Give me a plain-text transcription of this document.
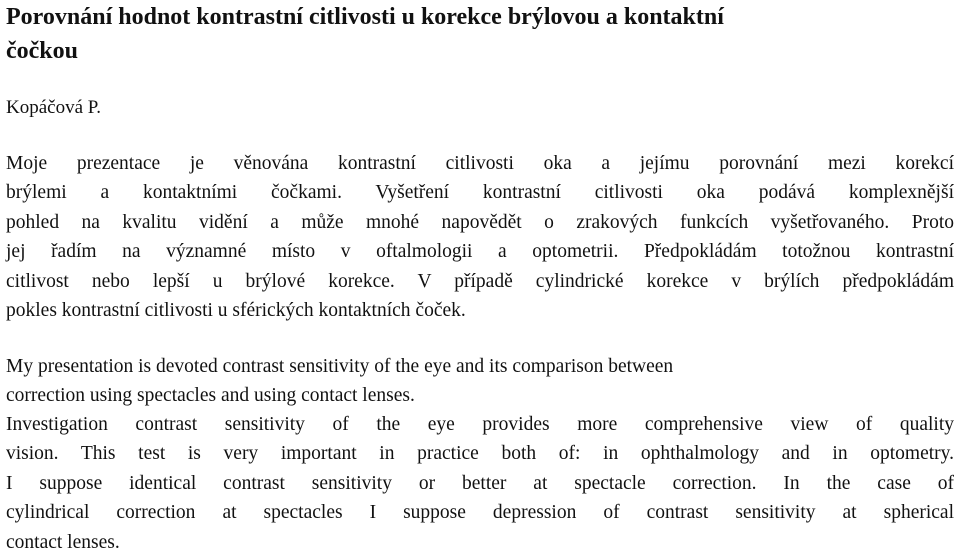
Porovnání hodnot kontrastní citlivosti u korekce brýlovou a kontaktní
čočkou

Kopáčová P.

Moje prezentace je věnována kontrastní citlivosti oka a jejímu porovnání mezi korekcí
brýlemi a kontaktními čočkami. Vyšetření kontrastní citlivosti oka podává komplexnější
pohled na kvalitu vidění a může mnohé napovědět o zrakových funkcích vyšetřovaného. Proto
jej řadím na významné místo v oftalmologii a optometrii. Předpokládám totožnou kontrastní
citlivost nebo lepší u brýlové korekce. V případě cylindrické korekce v brýlích předpokládám
pokles kontrastní citlivosti u sférických kontaktních čoček.

My presentation is devoted contrast sensitivity of the eye and its comparison between
correction using spectacles and using contact lenses.

Investigation contrast sensitivity of the eye provides more comprehensive view of quality
vision. This test is very important in practice both of: in ophthalmology and in optometry.
I suppose identical contrast sensitivity or better at spectacle correction. In the case of
cylindrical correction at spectacles I suppose depression of contrast sensitivity at spherical
contact lenses.
